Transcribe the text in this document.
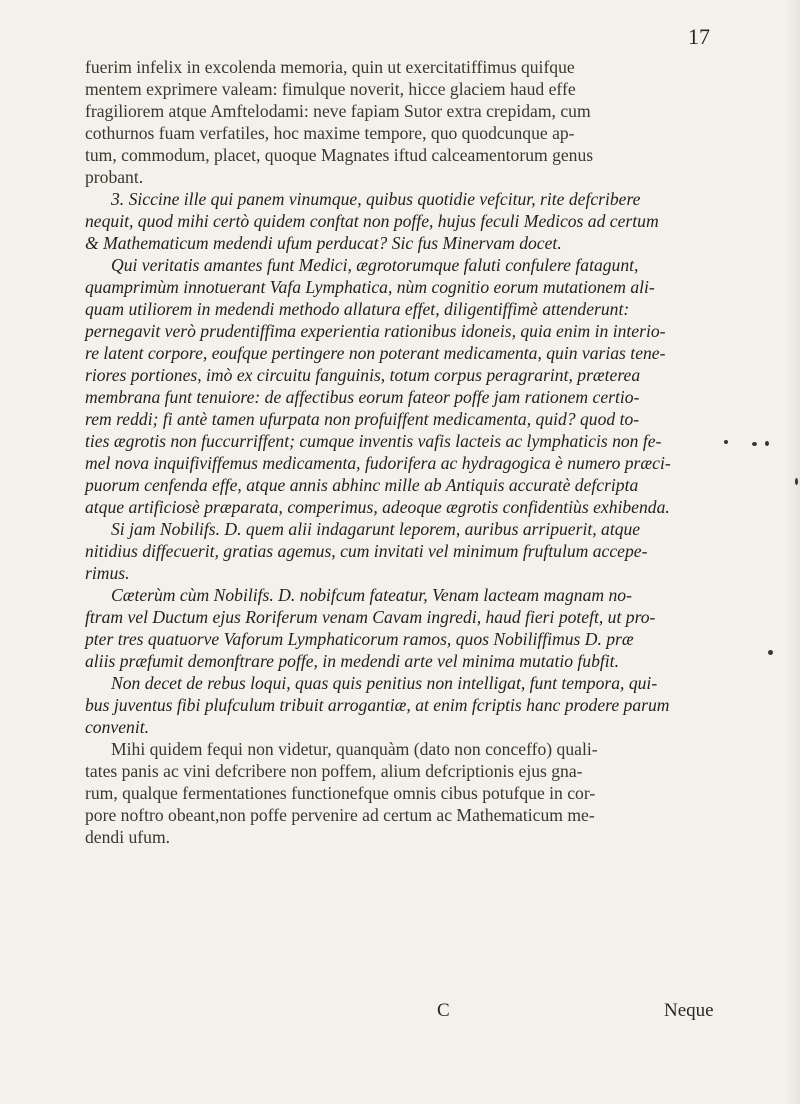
17
fuerim infelix in excolenda memoria, quin ut exercitatiffimus quifque
mentem exprimere valeam: fimulque noverit, hicce glaciem haud effe
fragiliorem atque Amftelodami: neve fapiam Sutor extra crepidam, cum
cothurnos fuam verfatiles, hoc maxime tempore, quo quodcunque ap-
tum, commodum, placet, quoque Magnates iftud calceamentorum genus
probant.
3. Siccine ille qui panem vinumque, quibus quotidie vefcitur, rite defcribere
nequit, quod mihi certò quidem conftat non poffe, hujus feculi Medicos ad certum
& Mathematicum medendi ufum perducat? Sic fus Minervam docet.
Qui veritatis amantes funt Medici, ægrotorumque faluti confulere fatagunt,
quamprimùm innotuerant Vafa Lymphatica, nùm cognitio eorum mutationem ali-
quam utiliorem in medendi methodo allatura effet, diligentiffimè attenderunt:
pernegavit verò prudentiffima experientia rationibus idoneis, quia enim in interio-
re latent corpore, eoufque pertingere non poterant medicamenta, quin varias tene-
riores portiones, imò ex circuitu fanguinis, totum corpus peragrarint, præterea
membrana funt tenuiore: de affectibus eorum fateor poffe jam rationem certio-
rem reddi; fi antè tamen ufurpata non profuiffent medicamenta, quid? quod to-
ties ægrotis non fuccurriffent; cumque inventis vafis lacteis ac lymphaticis non fe-
mel nova inquifiviffemus medicamenta, fudorifera ac hydragogica è numero præci-
puorum cenfenda effe, atque annis abhinc mille ab Antiquis accuratè defcripta
atque artificiosè præparata, comperimus, adeoque ægrotis confidentiùs exhibenda.
Si jam Nobilifs. D. quem alii indagarunt leporem, auribus arripuerit, atque
nitidius diffecuerit, gratias agemus, cum invitati vel minimum fruftulum accepe-
rimus.
Cæterùm cùm Nobilifs. D. nobifcum fateatur, Venam lacteam magnam no-
ftram vel Ductum ejus Roriferum venam Cavam ingredi, haud fieri poteft, ut pro-
pter tres quatuorve Vaforum Lymphaticorum ramos, quos Nobiliffimus D. præ
aliis præfumit demonftrare poffe, in medendi arte vel minima mutatio fubfit.
Non decet de rebus loqui, quas quis penitius non intelligat, funt tempora, qui-
bus juventus fibi plufculum tribuit arrogantiæ, at enim fcriptis hanc prodere parum
convenit.
Mihi quidem fequi non videtur, quanquàm (dato non conceffo) quali-
tates panis ac vini defcribere non poffem, alium defcriptionis ejus gna-
rum, qualque fermentationes functionefque omnis cibus potufque in cor-
pore noftro obeant,non poffe pervenire ad certum ac Mathematicum me-
dendi ufum.
C	Neque
